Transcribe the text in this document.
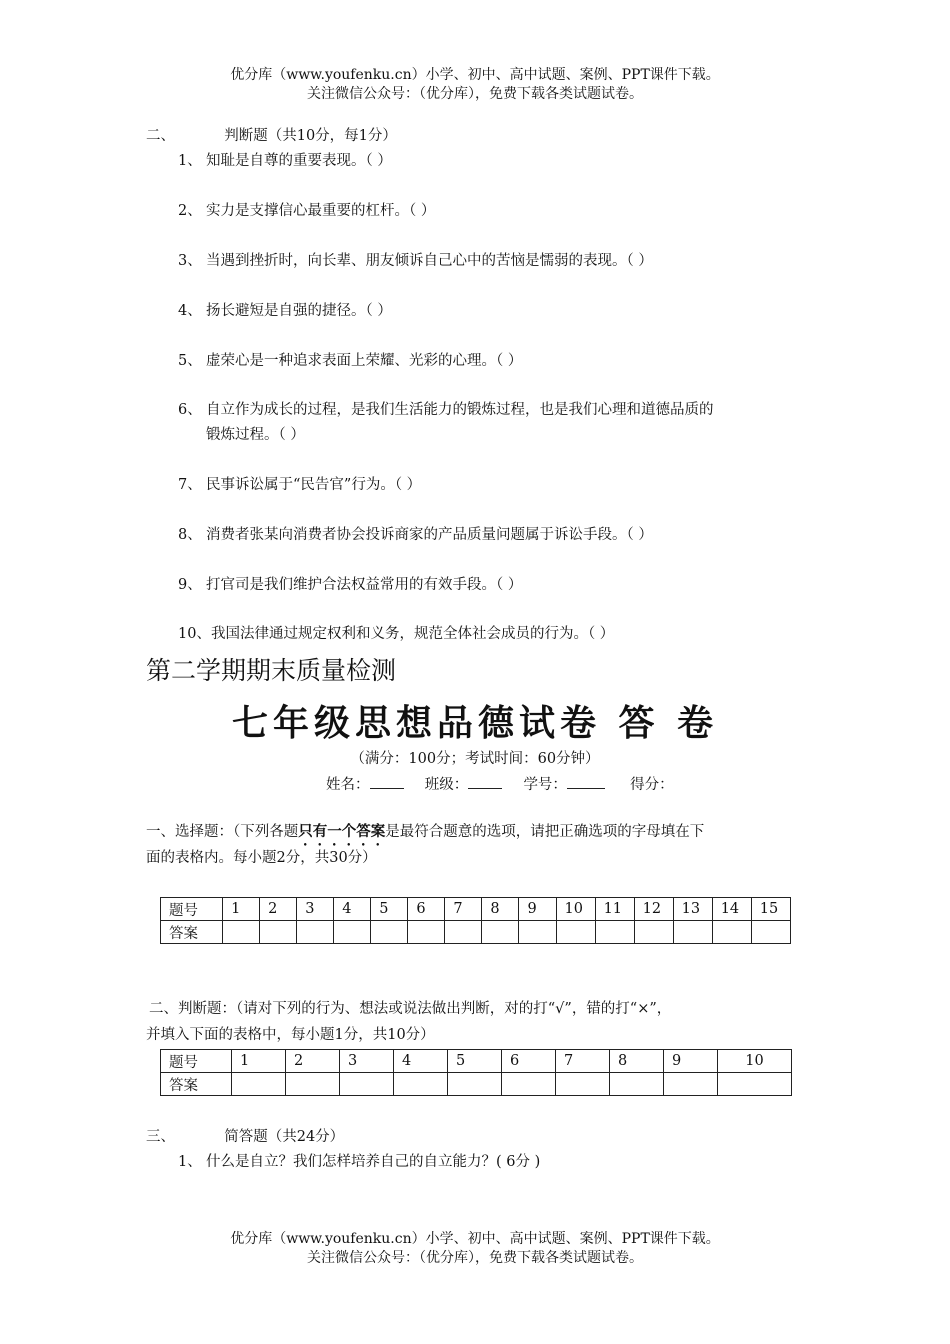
优分库（www.youfenku.cn）小学、初中、高中试题、案例、PPT课件下载。
关注微信公众号：（优分库），免费下载各类试题试卷。
二、	判断题（共10分，每1分）
1、 知耻是自尊的重要表现。（ ）
2、 实力是支撑信心最重要的杠杆。（ ）
3、 当遇到挫折时，向长辈、朋友倾诉自己心中的苦恼是懦弱的表现。（ ）
4、 扬长避短是自强的捷径。（ ）
5、 虚荣心是一种追求表面上荣耀、光彩的心理。（ ）
6、 自立作为成长的过程，是我们生活能力的锻炼过程，也是我们心理和道德品质的
锻炼过程。（ ）
7、 民事诉讼属于“民告官”行为。（ ）
8、 消费者张某向消费者协会投诉商家的产品质量问题属于诉讼手段。（ ）
9、 打官司是我们维护合法权益常用的有效手段。（ ）
10、我国法律通过规定权利和义务，规范全体社会成员的行为。（ ）
第二学期期末质量检测
七年级思想品德试卷 答 卷
（满分：100分；考试时间：60分钟）
姓名：	班级：	学号：	得分：
一、选择题：（下列各题只有一个答案是最符合题意的选项，请把正确选项的字母填在下
面的表格内。每小题2分，共30分）
题号	1	2	3	4	5	6	7	8	9	10	11	12	13	14	15
答案															
二、判断题：（请对下列的行为、想法或说法做出判断，对的打“√”，错的打“×”，
并填入下面的表格中，每小题1分，共10分）
题号	1	2	3	4	5	6	7	8	9	10
答案										
三、	简答题（共24分）
1、 什么是自立？我们怎样培养自己的自立能力？( 6分 )
优分库（www.youfenku.cn）小学、初中、高中试题、案例、PPT课件下载。
关注微信公众号：（优分库），免费下载各类试题试卷。
